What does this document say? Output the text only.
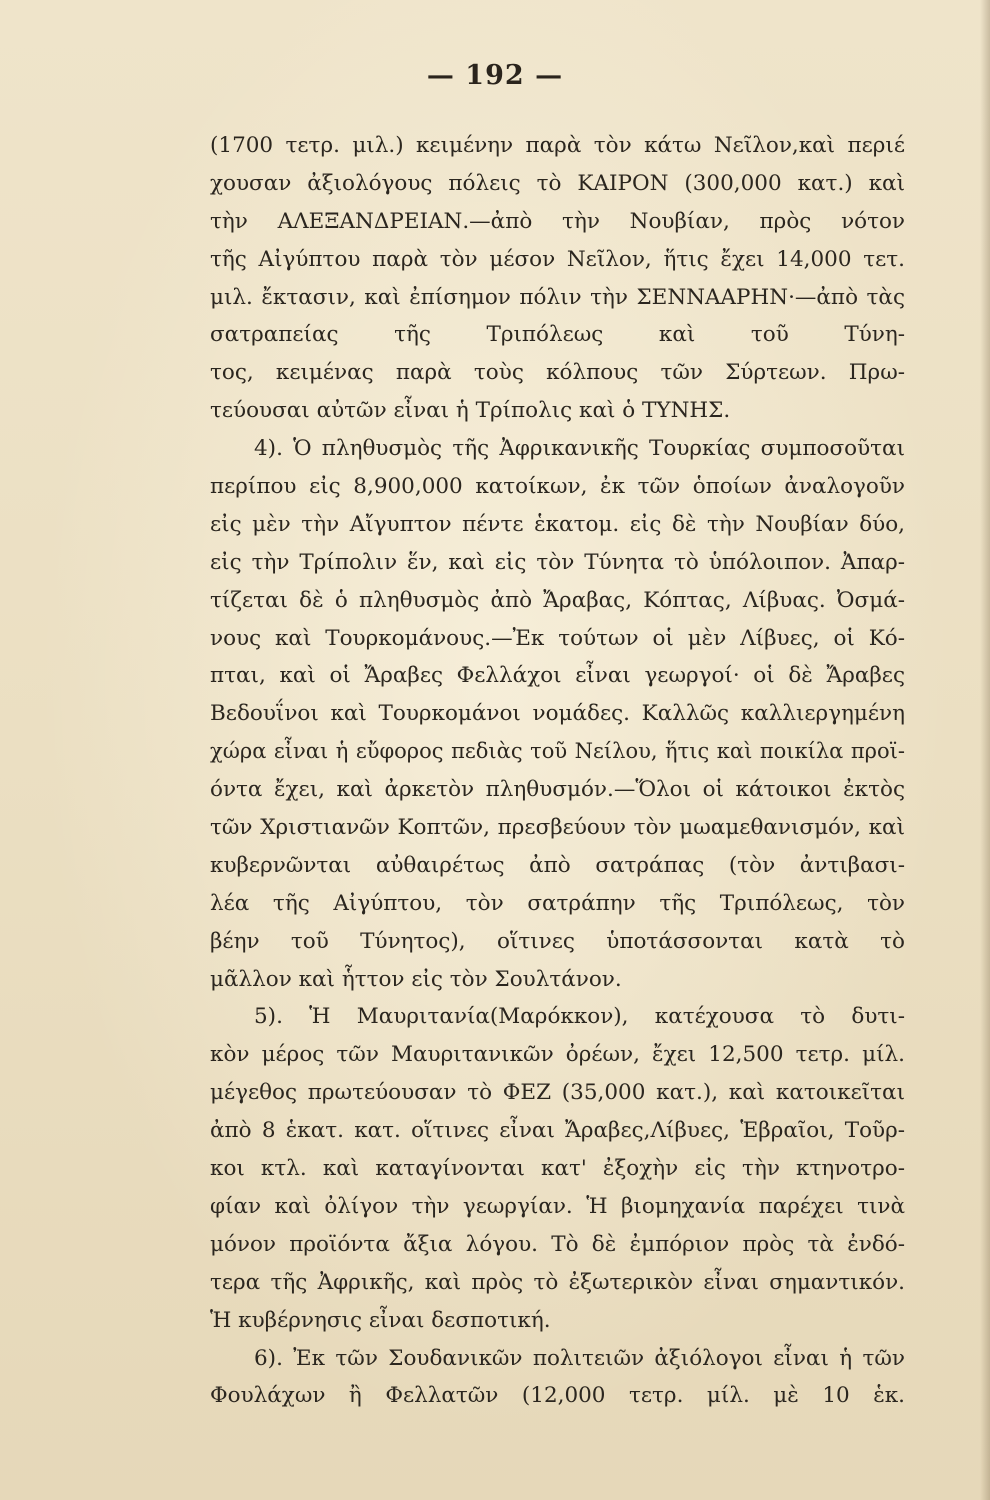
— 192 —
(1700 τετρ. μιλ.) κειμένην παρὰ τὸν κάτω Νεῖλον,καὶ περιέ
χουσαν ἀξιολόγους πόλεις τὸ ΚΑΙΡΟΝ (300,000 κατ.) καὶ
τὴν ΑΛΕΞΑΝΔΡΕΙΑΝ.—ἀπὸ τὴν Νουβίαν, πρὸς νότον
τῆς Αἰγύπτου παρὰ τὸν μέσον Νεῖλον, ἥτις ἔχει 14,000 τετ.
μιλ. ἔκτασιν, καὶ ἐπίσημον πόλιν τὴν ΣΕΝΝΑΑΡΗΝ·—ἀπὸ τὰς
σατραπείας τῆς Τριπόλεως καὶ τοῦ Τύνη-
τος, κειμένας παρὰ τοὺς κόλπους τῶν Σύρτεων. Πρω-
τεύουσαι αὐτῶν εἶναι ἡ Τρίπολις καὶ ὁ ΤΥΝΗΣ.
4). Ὁ πληθυσμὸς τῆς Ἀφρικανικῆς Τουρκίας συμποσοῦται
περίπου εἰς 8,900,000 κατοίκων, ἐκ τῶν ὁποίων ἀναλογοῦν
εἰς μὲν τὴν Αἴγυπτον πέντε ἑκατομ. εἰς δὲ τὴν Νουβίαν δύο,
εἰς τὴν Τρίπολιν ἕν, καὶ εἰς τὸν Τύνητα τὸ ὑπόλοιπον. Ἀπαρ-
τίζεται δὲ ὁ πληθυσμὸς ἀπὸ Ἄραβας, Κόπτας, Λίβυας. Ὀσμά-
νους καὶ Τουρκομάνους.—Ἐκ τούτων οἱ μὲν Λίβυες, οἱ Κό-
πται, καὶ οἱ Ἄραβες Φελλάχοι εἶναι γεωργοί· οἱ δὲ Ἄραβες
Βεδουΐνοι καὶ Τουρκομάνοι νομάδες. Καλλῶς καλλιεργημένη
χώρα εἶναι ἡ εὔφορος πεδιὰς τοῦ Νείλου, ἥτις καὶ ποικίλα προϊ-
όντα ἔχει, καὶ ἀρκετὸν πληθυσμόν.—Ὅλοι οἱ κάτοικοι ἐκτὸς
τῶν Χριστιανῶν Κοπτῶν, πρεσβεύουν τὸν μωαμεθανισμόν, καὶ
κυβερνῶνται αὐθαιρέτως ἀπὸ σατράπας (τὸν ἀντιβασι-
λέα τῆς Αἰγύπτου, τὸν σατράπην τῆς Τριπόλεως, τὸν
βέην τοῦ Τύνητος), οἵτινες ὑποτάσσονται κατὰ τὸ
μᾶλλον καὶ ἧττον εἰς τὸν Σουλτάνον.
5). Ἡ Μαυριτανία(Μαρόκκον), κατέχουσα τὸ δυτι-
κὸν μέρος τῶν Μαυριτανικῶν ὀρέων, ἔχει 12,500 τετρ. μίλ.
μέγεθος πρωτεύουσαν τὸ ΦΕΖ (35,000 κατ.), καὶ κατοικεῖται
ἀπὸ 8 ἑκατ. κατ. οἵτινες εἶναι Ἄραβες,Λίβυες, Ἑβραῖοι, Τοῦρ-
κοι κτλ. καὶ καταγίνονται κατ' ἐξοχὴν εἰς τὴν κτηνοτρο-
φίαν καὶ ὀλίγον τὴν γεωργίαν. Ἡ βιομηχανία παρέχει τινὰ
μόνον προϊόντα ἄξια λόγου. Τὸ δὲ ἐμπόριον πρὸς τὰ ἐνδό-
τερα τῆς Ἀφρικῆς, καὶ πρὸς τὸ ἐξωτερικὸν εἶναι σημαντικόν.
Ἡ κυβέρνησις εἶναι δεσποτική.
6). Ἐκ τῶν Σουδανικῶν πολιτειῶν ἀξιόλογοι εἶναι ἡ τῶν
Φουλάχων ἢ Φελλατῶν (12,000 τετρ. μίλ. μὲ 10 ἑκ.
